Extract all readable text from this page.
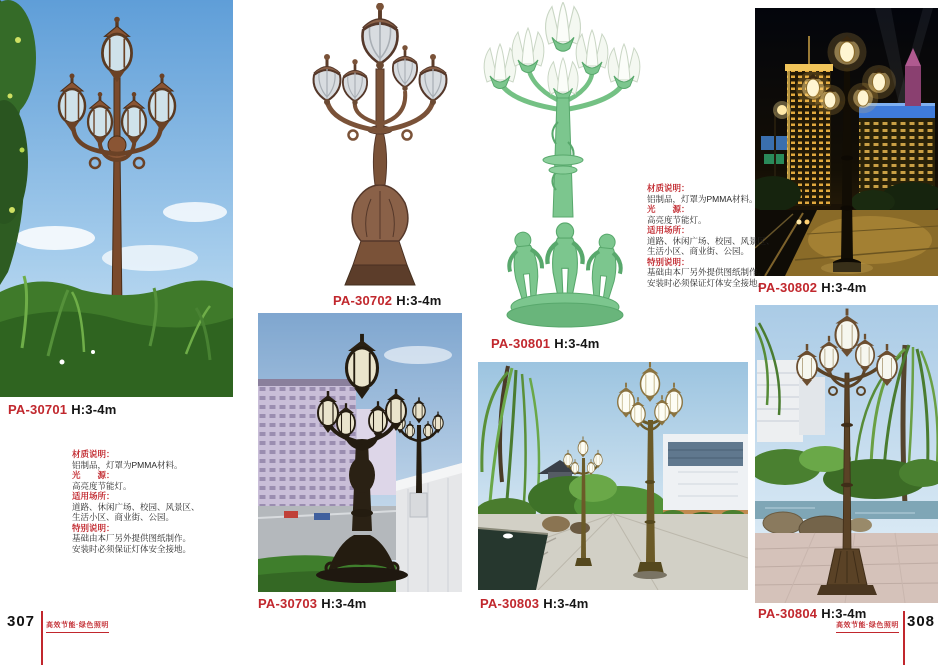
PA-30701 H:3-4m
PA-30702 H:3-4m
PA-30801 H:3-4m
PA-30802 H:3-4m
PA-30703 H:3-4m	PA-30803 H:3-4m
PA-30804 H:3-4m
材质说明：
铝制品，灯罩为PMMA材料。
光　　源：
高亮度节能灯。
适用场所：
道路、休闲广场、校园、风景区、
生活小区、商业街、公园。
特别说明：
基础由本厂另外提供图纸制作。
安装时必须保证灯体安全接地。
材质说明：
铝制品，灯罩为PMMA材料。
光　　源：
高亮度节能灯。
适用场所：
道路、休闲广场、校园、风景区、
生活小区、商业街、公园。
特别说明：
基础由本厂另外提供图纸制作。
安装时必须保证灯体安全接地。
307 高效节能·绿色照明	高效节能·绿色照明 308
